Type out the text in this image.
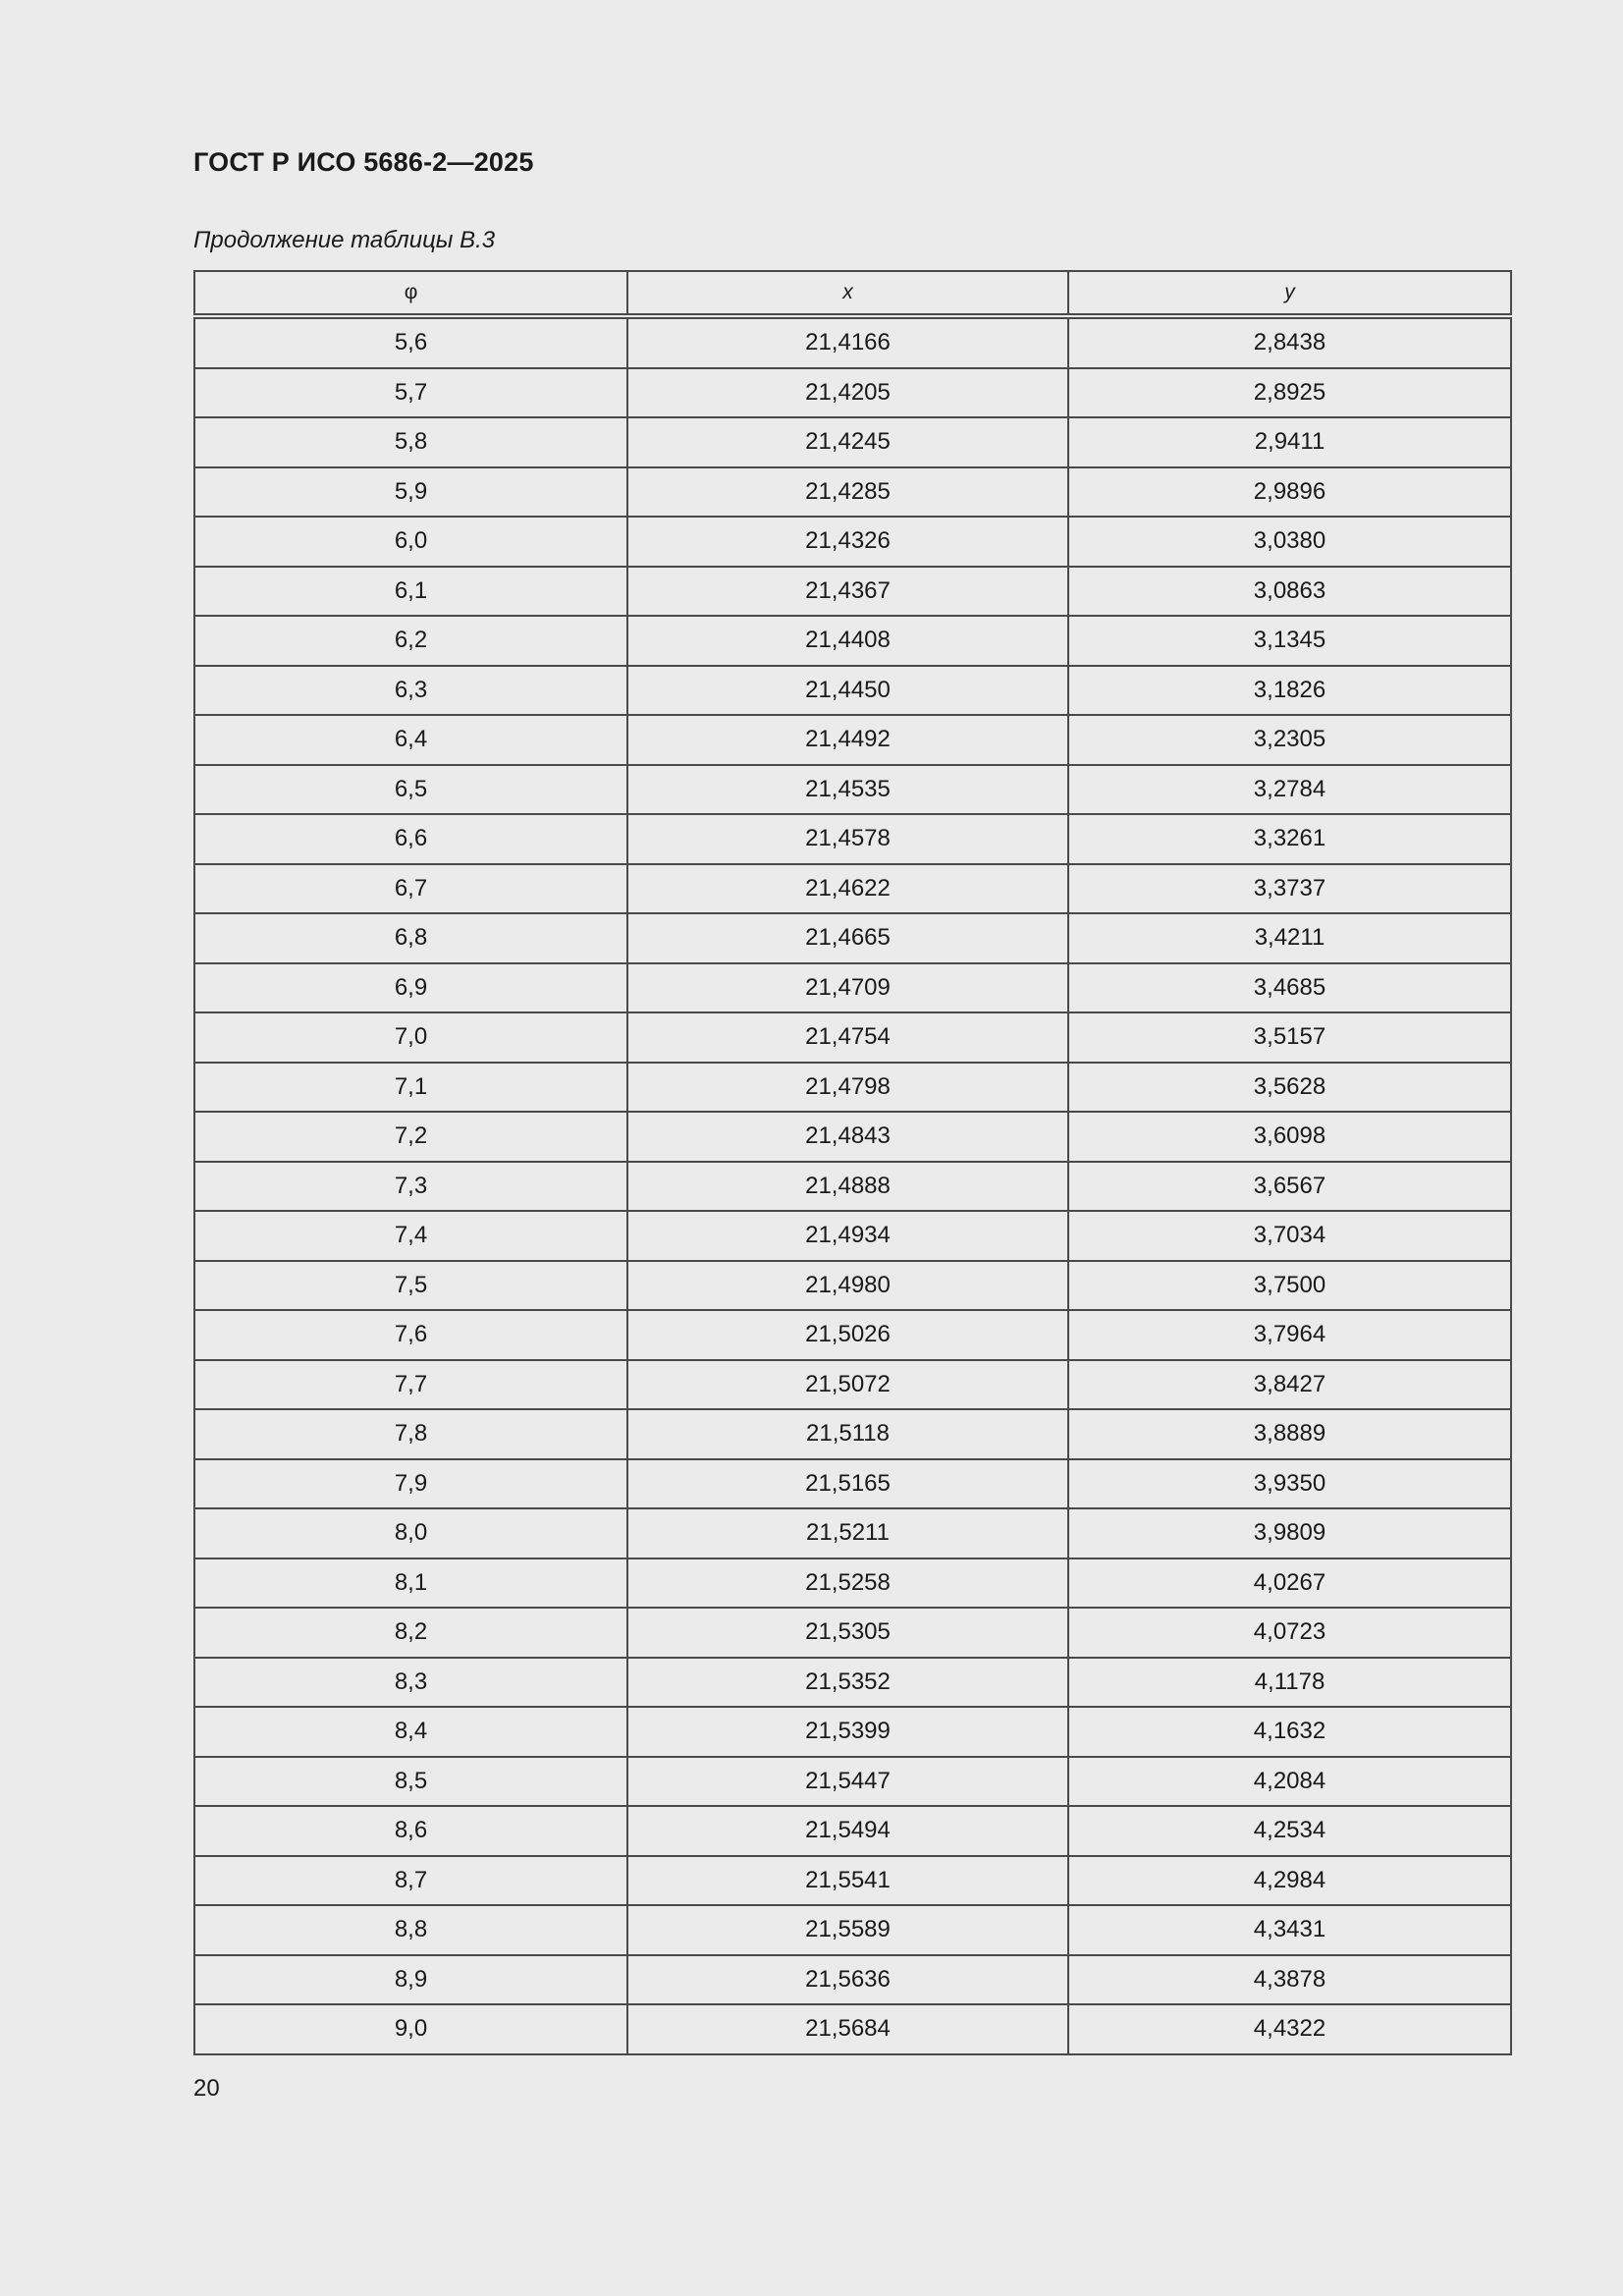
ГОСТ Р ИСО 5686-2—2025
Продолжение таблицы В.3
φ	x	y
5,6	21,4166	2,8438
5,7	21,4205	2,8925
5,8	21,4245	2,9411
5,9	21,4285	2,9896
6,0	21,4326	3,0380
6,1	21,4367	3,0863
6,2	21,4408	3,1345
6,3	21,4450	3,1826
6,4	21,4492	3,2305
6,5	21,4535	3,2784
6,6	21,4578	3,3261
6,7	21,4622	3,3737
6,8	21,4665	3,4211
6,9	21,4709	3,4685
7,0	21,4754	3,5157
7,1	21,4798	3,5628
7,2	21,4843	3,6098
7,3	21,4888	3,6567
7,4	21,4934	3,7034
7,5	21,4980	3,7500
7,6	21,5026	3,7964
7,7	21,5072	3,8427
7,8	21,5118	3,8889
7,9	21,5165	3,9350
8,0	21,5211	3,9809
8,1	21,5258	4,0267
8,2	21,5305	4,0723
8,3	21,5352	4,1178
8,4	21,5399	4,1632
8,5	21,5447	4,2084
8,6	21,5494	4,2534
8,7	21,5541	4,2984
8,8	21,5589	4,3431
8,9	21,5636	4,3878
9,0	21,5684	4,4322
20
